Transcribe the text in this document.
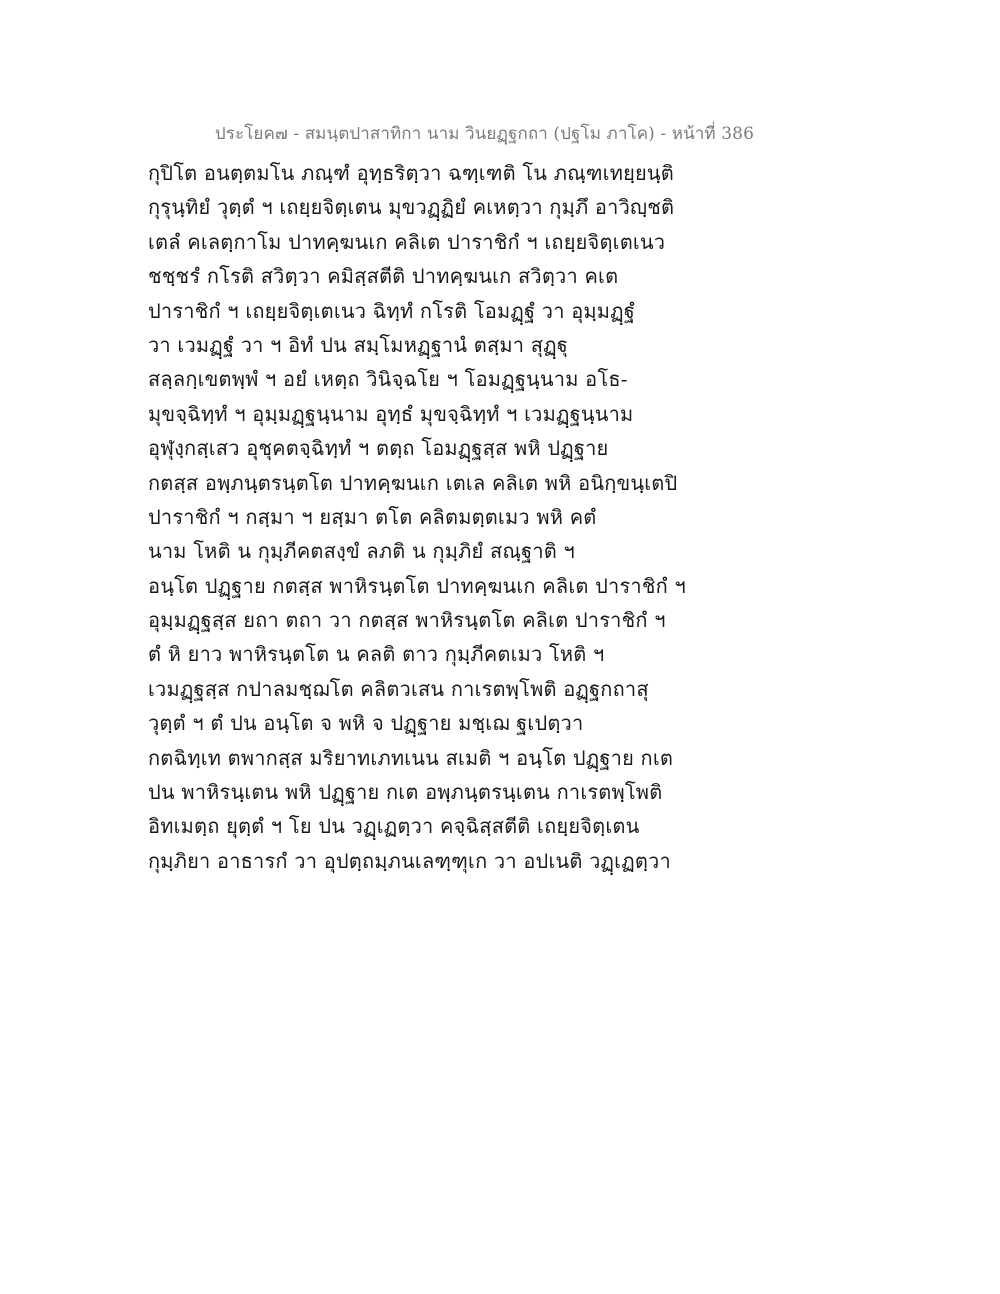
ประโยค๗ - สมนฺตปาสาทิกา นาม วินยฏฺฐกถา (ปฐโม ภาโค) - หน้าที่ 386
กุปิโต อนตฺตมโน ภณฺฑํ อุทฺธริตฺวา ฉฑฺเฑติ โน ภณฺฑเทยฺยนฺติ
กุรุนฺทิยํ วุตฺตํ ฯ เถยฺยจิตฺเตน มุขวฏฺฏิยํ คเหตฺวา กุมฺภึ อาวิญฺชติ
เตลํ คเลตฺกาโม ปาทคฺฆนเก คลิเต ปาราชิกํ ฯ เถยฺยจิตฺเตเนว
ชชฺชรํ กโรติ สวิตฺวา คมิสฺสตีติ ปาทคฺฆนเก สวิตฺวา คเต
ปาราชิกํ ฯ เถยฺยจิตฺเตเนว ฉิทฺทํ กโรติ โอมฏฺฐํ วา อุมฺมฏฺฐํ
วา เวมฏฺฐํ วา ฯ อิทํ ปน สมฺโมหฏฺฐานํ ตสฺมา สุฏฺฐุ
สลฺลกฺเขตพฺพํ ฯ อยํ เหตฺถ วินิจฺฉโย ฯ โอมฏฺฐนฺนาม อโธ-
มุขจฺฉิทฺทํ ฯ อุมฺมฏฺฐนฺนาม อุทฺธํ มุขจฺฉิทฺทํ ฯ เวมฏฺฐนฺนาม
อุฬุงฺกสฺเสว อุชุคตจฺฉิทฺทํ ฯ ตตฺถ โอมฏฺฐสฺส พหิ ปฏฺฐาย
กตสฺส อพฺภนฺตรนฺตโต ปาทคฺฆนเก เตเล คลิเต พหิ อนิกฺขนฺเตปิ
ปาราชิกํ ฯ กสฺมา ฯ ยสฺมา ตโต คลิตมตฺตเมว พหิ คตํ
นาม โหติ น กุมฺภีคตสงฺขํ ลภติ น กุมฺภิยํ สณฺฐาติ ฯ
อนฺโต ปฏฺฐาย กตสฺส พาหิรนฺตโต ปาทคฺฆนเก คลิเต ปาราชิกํ ฯ
อุมฺมฏฺฐสฺส ยถา ตถา วา กตสฺส พาหิรนฺตโต คลิเต ปาราชิกํ ฯ
ตํ หิ ยาว พาหิรนฺตโต น คลติ ตาว กุมฺภีคตเมว โหติ ฯ
เวมฏฺฐสฺส กปาลมชฺฌโต คลิตวเสน กาเรตพฺโพติ อฏฺฐกถาสุ
วุตฺตํ ฯ ตํ ปน อนฺโต จ พหิ จ ปฏฺฐาย มชฺเฌ ฐเปตฺวา
กตฉิทฺเท ตพากสฺส มริยาทเภทเนน สเมติ ฯ อนฺโต ปฏฺฐาย กเต
ปน พาหิรนฺเตน พหิ ปฏฺฐาย กเต อพฺภนฺตรนฺเตน กาเรตพฺโพติ
อิทเมตฺถ ยุตฺตํ ฯ โย ปน วฏฺเฏตฺวา คจฺฉิสฺสตีติ เถยฺยจิตฺเตน
กุมฺภิยา อาธารกํ วา อุปตฺถมฺภนเลฑฺฑุเก วา อปเนติ วฏฺเฏตฺวา
